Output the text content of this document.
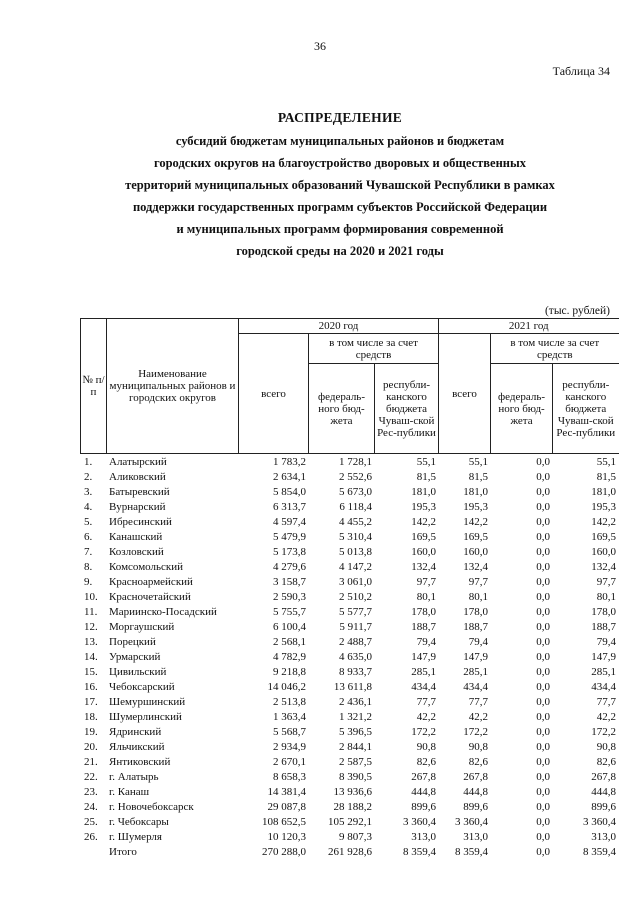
36
Таблица 34
РАСПРЕДЕЛЕНИЕ
субсидий бюджетам муниципальных районов и бюджетам
городских округов на благоустройство дворовых и общественных
территорий муниципальных образований Чувашской Республики в рамках
поддержки государственных программ субъектов Российской Федерации
и муниципальных программ формирования современной
городской среды на 2020 и 2021 годы
(тыс. рублей)
№ п/п	Наименование муниципальных районов и городских округов	2020 год			2021 год		
		всего	в том числе за счет средств		всего	в том числе за счет средств	
			федераль-ного бюд-жета	республи-канского бюджета Чуваш-ской Рес-публики		федераль-ного бюд-жета	республи-канского бюджета Чуваш-ской Рес-публики
1.	Алатырский	1 783,2	1 728,1	55,1	55,1	0,0	55,1
2.	Аликовский	2 634,1	2 552,6	81,5	81,5	0,0	81,5
3.	Батыревский	5 854,0	5 673,0	181,0	181,0	0,0	181,0
4.	Вурнарский	6 313,7	6 118,4	195,3	195,3	0,0	195,3
5.	Ибресинский	4 597,4	4 455,2	142,2	142,2	0,0	142,2
6.	Канашский	5 479,9	5 310,4	169,5	169,5	0,0	169,5
7.	Козловский	5 173,8	5 013,8	160,0	160,0	0,0	160,0
8.	Комсомольский	4 279,6	4 147,2	132,4	132,4	0,0	132,4
9.	Красноармейский	3 158,7	3 061,0	97,7	97,7	0,0	97,7
10.	Красночетайский	2 590,3	2 510,2	80,1	80,1	0,0	80,1
11.	Мариинско-Посадский	5 755,7	5 577,7	178,0	178,0	0,0	178,0
12.	Моргаушский	6 100,4	5 911,7	188,7	188,7	0,0	188,7
13.	Порецкий	2 568,1	2 488,7	79,4	79,4	0,0	79,4
14.	Урмарский	4 782,9	4 635,0	147,9	147,9	0,0	147,9
15.	Цивильский	9 218,8	8 933,7	285,1	285,1	0,0	285,1
16.	Чебоксарский	14 046,2	13 611,8	434,4	434,4	0,0	434,4
17.	Шемуршинский	2 513,8	2 436,1	77,7	77,7	0,0	77,7
18.	Шумерлинский	1 363,4	1 321,2	42,2	42,2	0,0	42,2
19.	Ядринский	5 568,7	5 396,5	172,2	172,2	0,0	172,2
20.	Яльчикский	2 934,9	2 844,1	90,8	90,8	0,0	90,8
21.	Янтиковский	2 670,1	2 587,5	82,6	82,6	0,0	82,6
22.	г. Алатырь	8 658,3	8 390,5	267,8	267,8	0,0	267,8
23.	г. Канаш	14 381,4	13 936,6	444,8	444,8	0,0	444,8
24.	г. Новочебоксарск	29 087,8	28 188,2	899,6	899,6	0,0	899,6
25.	г. Чебоксары	108 652,5	105 292,1	3 360,4	3 360,4	0,0	3 360,4
26.	г. Шумерля	10 120,3	9 807,3	313,0	313,0	0,0	313,0
	Итого	270 288,0	261 928,6	8 359,4	8 359,4	0,0	8 359,4
